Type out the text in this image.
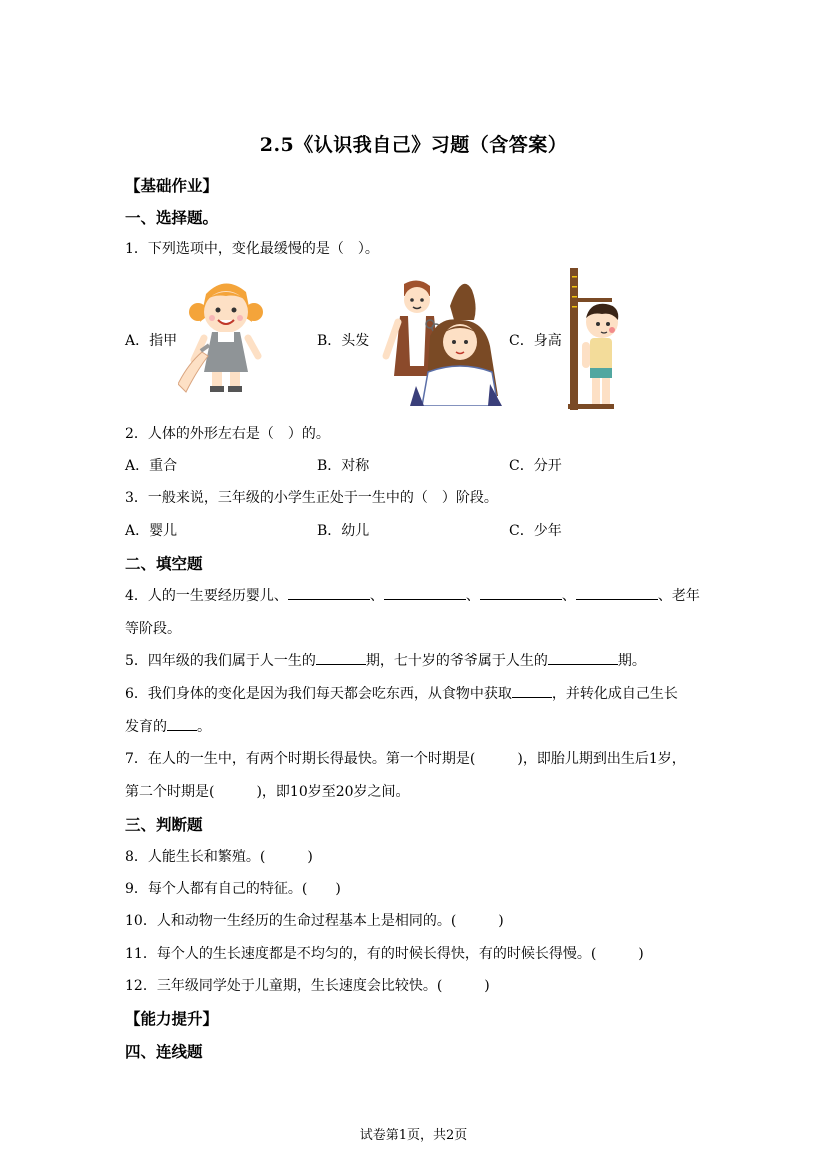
2.5《认识我自己》习题（含答案）
【基础作业】
一、选择题。
1．下列选项中，变化最缓慢的是（　）。
A．指甲	B．头发	C．身高
2．人体的外形左右是（　）的。
A．重合	B．对称	C．分开
3．一般来说，三年级的小学生正处于一生中的（　）阶段。
A．婴儿	B．幼儿	C．少年
二、填空题
4．人的一生要经历婴儿、	、	、	、	、老年
等阶段。
5．四年级的我们属于人一生的	期，七十岁的爷爷属于人生的	期。
6．我们身体的变化是因为我们每天都会吃东西，从食物中获取	，并转化成自己生长
发育的 。
7．在人的一生中，有两个时期长得最快。第一个时期是(　　　)，即胎儿期到出生后1岁，
第二个时期是(　　　)，即10岁至20岁之间。
三、判断题
8．人能生长和繁殖。(　　　)
9．每个人都有自己的特征。(　　)
10．人和动物一生经历的生命过程基本上是相同的。(　　　)
11．每个人的生长速度都是不均匀的，有的时候长得快，有的时候长得慢。(　　　)
12．三年级同学处于儿童期，生长速度会比较快。(　　　)
【能力提升】
四、连线题
试卷第1页，共2页
